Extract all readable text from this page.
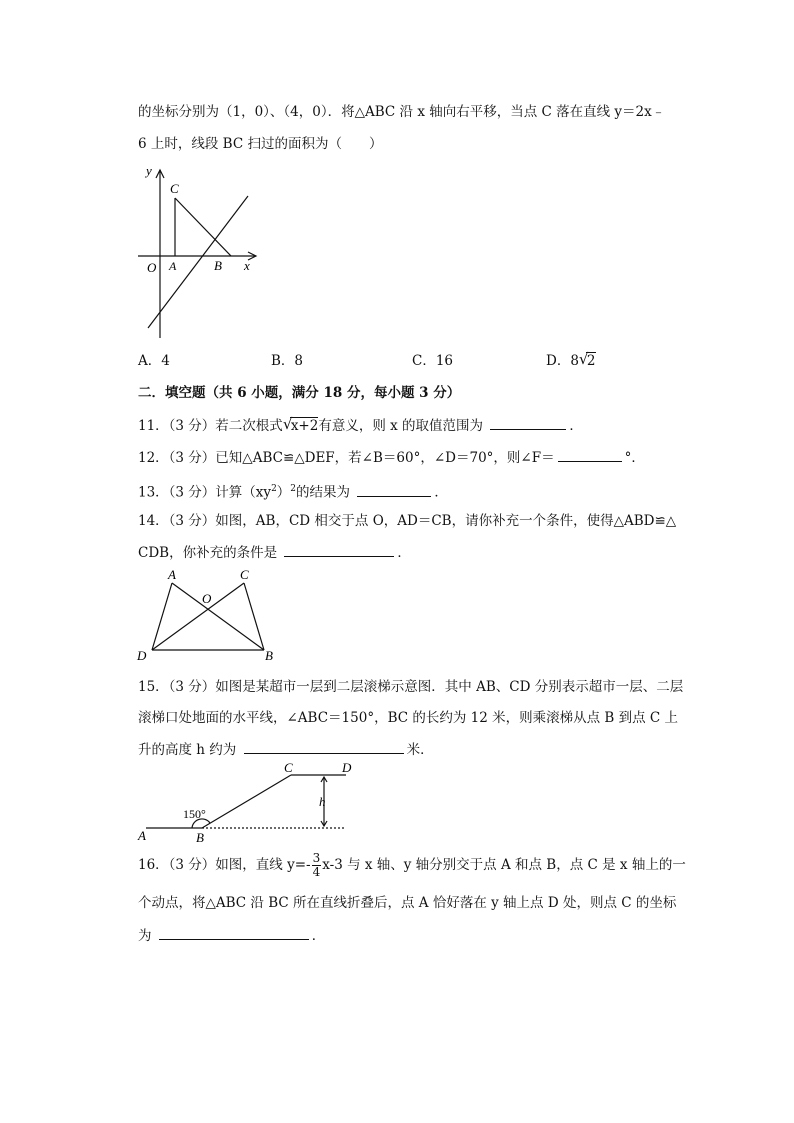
的坐标分别为（1，0）、（4，0）．将△ABC 沿 x 轴向右平移，当点 C 落在直线 y＝2x﹣
6 上时，线段 BC 扫过的面积为（　　）
y
C
O A	B x
A．4	B．8	C．16	D．8 √
2
二．填空题（共 6 小题，满分 18 分，每小题 3 分）
11．（3 分）若二次根式 √
x+2有意义，则 x 的取值范围为	．
12．（3 分）已知△ABC≌△DEF，若∠B＝60°，∠D＝70°，则∠F＝	°．
13．（3 分）计算$(xy^2)^2$的结果为	．
14．（3 分）如图，AB，CD 相交于点 O，AD＝CB，请你补充一个条件，使得△ABD≌△
CDB，你补充的条件是	．
A	C
O
D	B
15．（3 分）如图是某超市一层到二层滚梯示意图．其中 AB、CD 分别表示超市一层、二层
滚梯口处地面的水平线，∠ABC＝150°，BC 的长约为 12 米，则乘滚梯从点 B 到点 C 上
升的高度 h 约为	米．
C	D
h
150°
A	B
16．（3 分）如图，直线 $y=- \frac{3}{4} x-3$ 与 x 轴、y 轴分别交于点 A 和点 B，点 C 是 x 轴上的一
个动点，将△ABC 沿 BC 所在直线折叠后，点 A 恰好落在 y 轴上点 D 处，则点 C 的坐标
为	．
